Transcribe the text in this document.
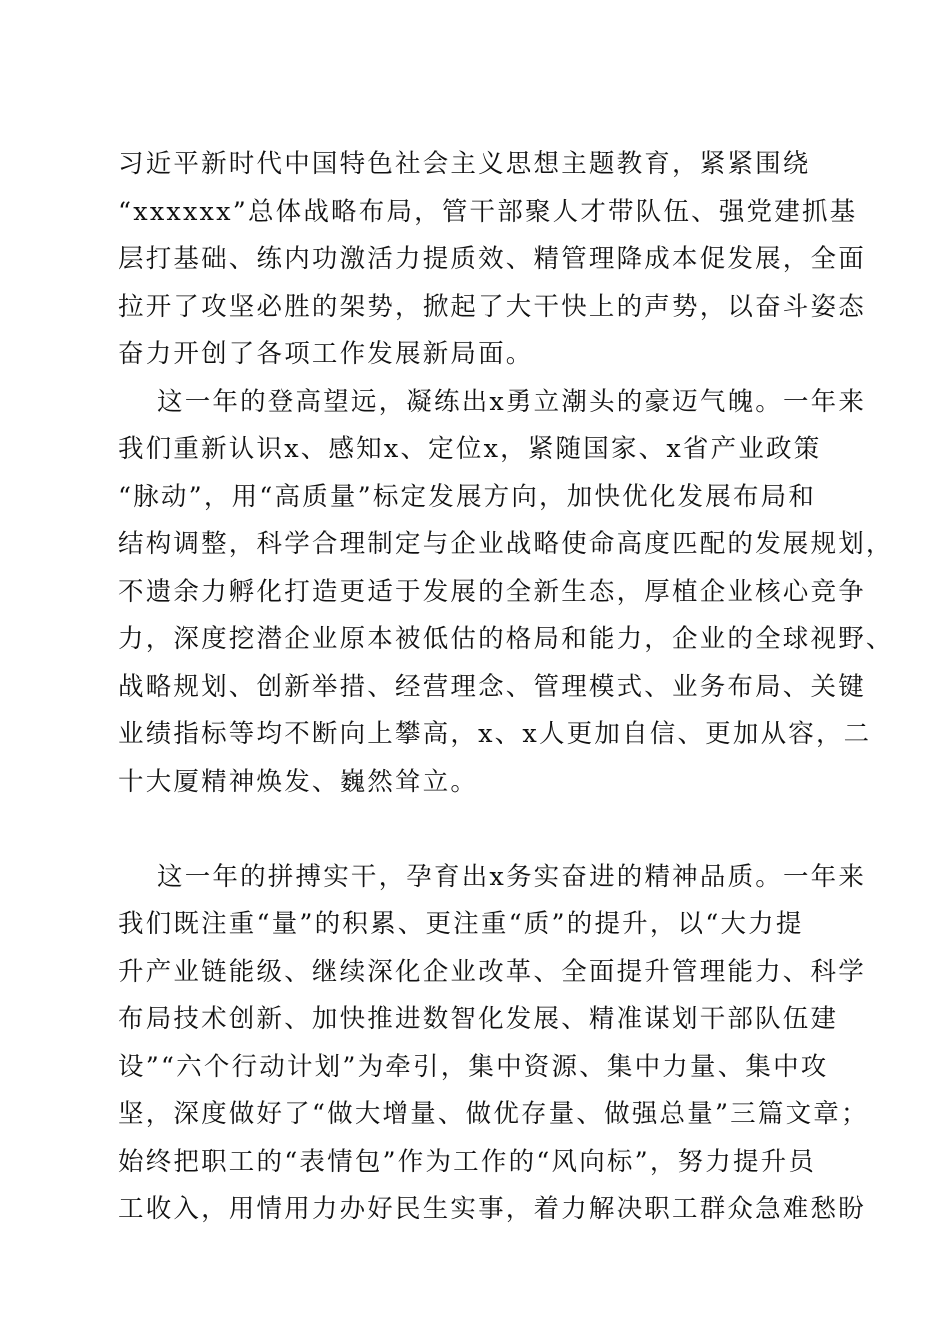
习近平新时代中国特色社会主义思想主题教育，紧紧围绕
“xxxxxx”总体战略布局，管干部聚人才带队伍、强党建抓基
层打基础、练内功激活力提质效、精管理降成本促发展，全面
拉开了攻坚必胜的架势，掀起了大干快上的声势，以奋斗姿态
奋力开创了各项工作发展新局面。
这一年的登高望远，凝练出x勇立潮头的豪迈气魄。一年来
我们重新认识x、感知x、定位x，紧随国家、x省产业政策
“脉动”，用“高质量”标定发展方向，加快优化发展布局和
结构调整，科学合理制定与企业战略使命高度匹配的发展规划，
不遗余力孵化打造更适于发展的全新生态，厚植企业核心竞争
力，深度挖潜企业原本被低估的格局和能力，企业的全球视野、
战略规划、创新举措、经营理念、管理模式、业务布局、关键
业绩指标等均不断向上攀高，x、x人更加自信、更加从容，二
十大厦精神焕发、巍然耸立。
这一年的拼搏实干，孕育出x务实奋进的精神品质。一年来
我们既注重“量”的积累、更注重“质”的提升，以“大力提
升产业链能级、继续深化企业改革、全面提升管理能力、科学
布局技术创新、加快推进数智化发展、精准谋划干部队伍建
设”“六个行动计划”为牵引，集中资源、集中力量、集中攻
坚，深度做好了“做大增量、做优存量、做强总量”三篇文章；
始终把职工的“表情包”作为工作的“风向标”，努力提升员
工收入，用情用力办好民生实事，着力解决职工群众急难愁盼
